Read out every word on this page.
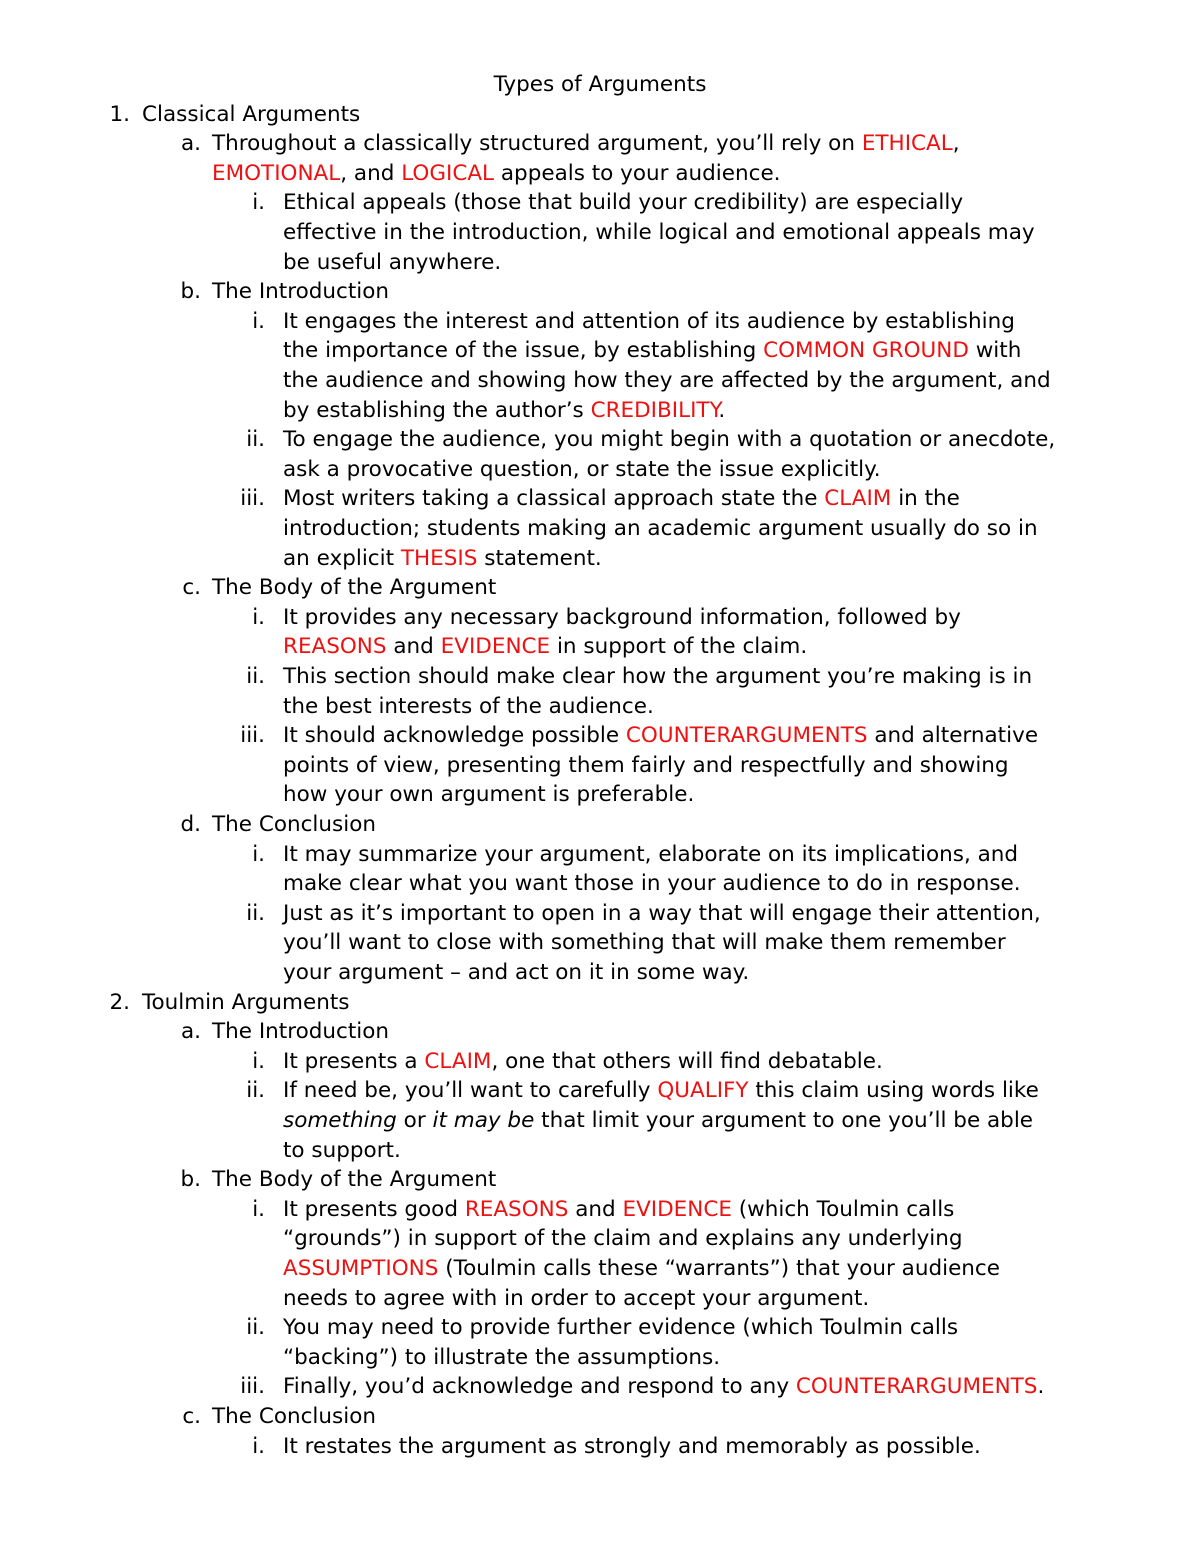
Types of Arguments
1. Classical Arguments
a. Throughout a classically structured argument, you’ll rely on ETHICAL,
EMOTIONAL, and LOGICAL appeals to your audience.
i. Ethical appeals (those that build your credibility) are especially
effective in the introduction, while logical and emotional appeals may
be useful anywhere.
b. The Introduction
i. It engages the interest and attention of its audience by establishing
the importance of the issue, by establishing COMMON GROUND with
the audience and showing how they are affected by the argument, and
by establishing the author’s CREDIBILITY.
ii. To engage the audience, you might begin with a quotation or anecdote,
ask a provocative question, or state the issue explicitly.
iii. Most writers taking a classical approach state the CLAIM in the
introduction; students making an academic argument usually do so in
an explicit THESIS statement.
c. The Body of the Argument
i. It provides any necessary background information, followed by
REASONS and EVIDENCE in support of the claim.
ii. This section should make clear how the argument you’re making is in
the best interests of the audience.
iii. It should acknowledge possible COUNTERARGUMENTS and alternative
points of view, presenting them fairly and respectfully and showing
how your own argument is preferable.
d. The Conclusion
i. It may summarize your argument, elaborate on its implications, and
make clear what you want those in your audience to do in response.
ii. Just as it’s important to open in a way that will engage their attention,
you’ll want to close with something that will make them remember
your argument – and act on it in some way.
2. Toulmin Arguments
a. The Introduction
i. It presents a CLAIM, one that others will find debatable.
ii. If need be, you’ll want to carefully QUALIFY this claim using words like
something or it may be that limit your argument to one you’ll be able
to support.
b. The Body of the Argument
i. It presents good REASONS and EVIDENCE (which Toulmin calls
“grounds”) in support of the claim and explains any underlying
ASSUMPTIONS (Toulmin calls these “warrants”) that your audience
needs to agree with in order to accept your argument.
ii. You may need to provide further evidence (which Toulmin calls
“backing”) to illustrate the assumptions.
iii. Finally, you’d acknowledge and respond to any COUNTERARGUMENTS.
c. The Conclusion
i. It restates the argument as strongly and memorably as possible.
